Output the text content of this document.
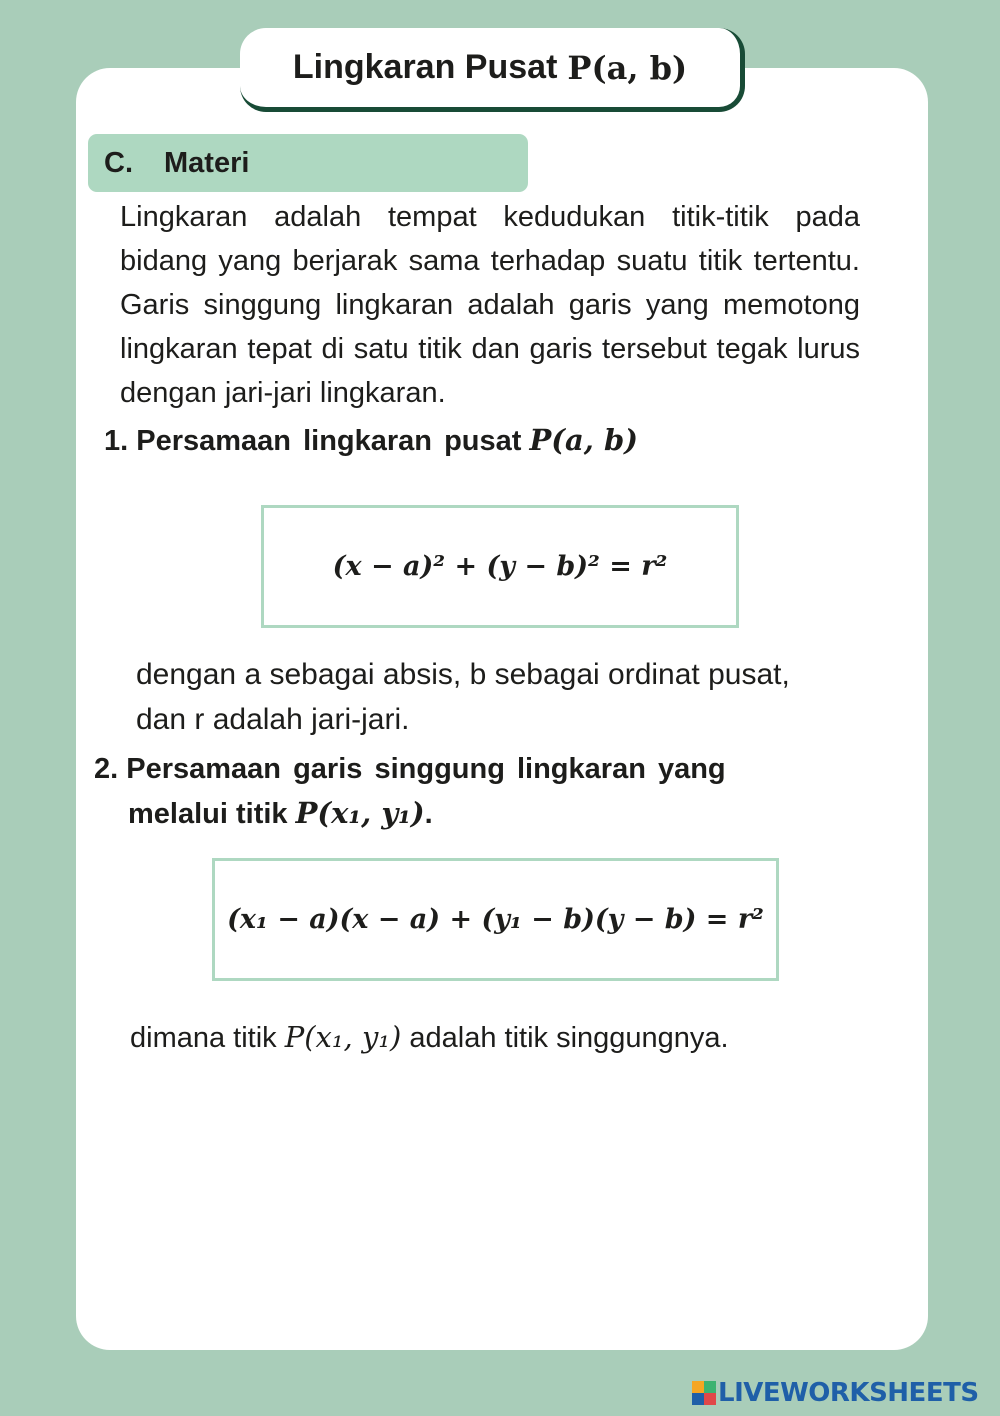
Lingkaran Pusat P(a, b)
C. Materi
Lingkaran adalah tempat kedudukan titik-titik pada bidang yang berjarak sama terhadap suatu titik tertentu. Garis singgung lingkaran adalah garis yang memotong lingkaran tepat di satu titik dan garis tersebut tegak lurus dengan jari-jari lingkaran.
1. Persamaan lingkaran pusat P(a, b)
(x − a)² + (y − b)² = r²
dengan a sebagai absis, b sebagai ordinat pusat,
dan r adalah jari-jari.
2. Persamaan garis singgung lingkaran yang
melalui titik P(x₁, y₁).
(x₁ − a)(x − a) + (y₁ − b)(y − b) = r²
dimana titik P(x₁, y₁) adalah titik singgungnya.
LIVEWORKSHEETS
